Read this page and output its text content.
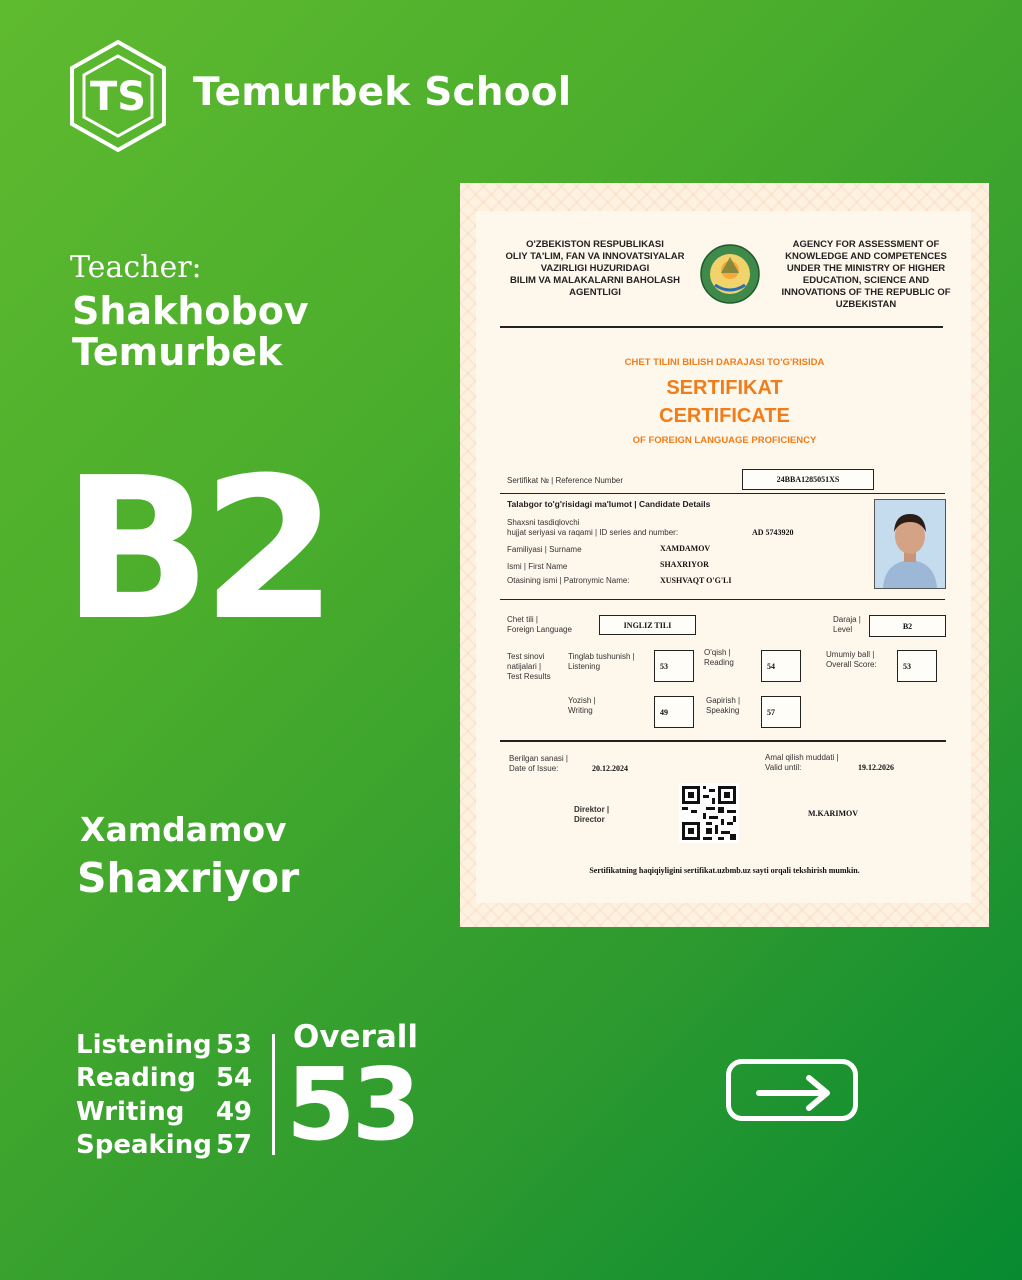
TS Temurbek School
Teacher:
Shakhobov
Temurbek
B2
Xamdamov
Shaxriyor
Listening 53
Reading 54
Writing 49
Speaking 57
Overall
53
O'ZBEKISTON RESPUBLIKASI
OLIY TA'LIM, FAN VA INNOVATSIYALAR
VAZIRLIGI HUZURIDAGI
BILIM VA MALAKALARNI BAHOLASH
AGENTLIGI
AGENCY FOR ASSESSMENT OF
KNOWLEDGE AND COMPETENCES
UNDER THE MINISTRY OF HIGHER
EDUCATION, SCIENCE AND
INNOVATIONS OF THE REPUBLIC OF
UZBEKISTAN
CHET TILINI BILISH DARAJASI TO'G'RISIDA
SERTIFIKAT
CERTIFICATE
OF FOREIGN LANGUAGE PROFICIENCY
Sertifikat № | Reference Number	24BBA1285051XS
Talabgor to'g'risidagi ma'lumot | Candidate Details
Shaxsni tasdiqlovchi
hujjat seriyasi va raqami | ID series and number:	AD 5743920
Familiyasi | Surname	XAMDAMOV
Ismi | First Name	SHAXRIYOR
Otasining ismi | Patronymic Name:	XUSHVAQT O'G'LI
Chet tili |
Foreign Language	INGLIZ TILI
Daraja |
Level	B2
Test sinovi
natijalari |
Test Results
Tinglab tushunish |
Listening	53
O'qish |
Reading	54
Umumiy ball |
Overall Score:	53
Yozish |
Writing	49
Gapirish |
Speaking	57
Berilgan sanasi |
Date of Issue:	20.12.2024
Amal qilish muddati |
Valid until:	19.12.2026
Direktor |
Director
M.KARIMOV
Sertifikatning haqiqiyligini sertifikat.uzbmb.uz sayti orqali tekshirish mumkin.
